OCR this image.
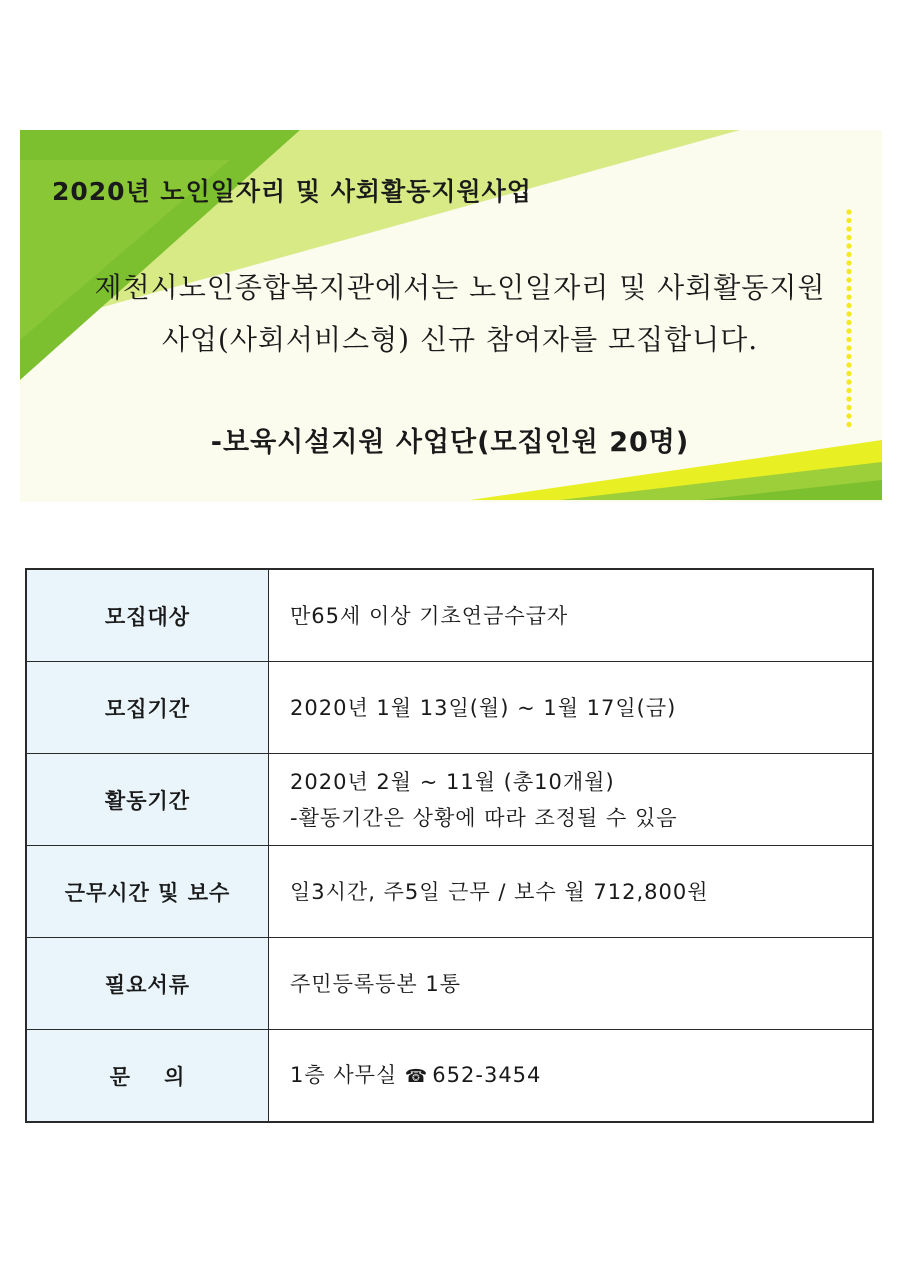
2020년 노인일자리 및 사회활동지원사업
제천시노인종합복지관에서는 노인일자리 및 사회활동지원
사업(사회서비스형) 신규 참여자를 모집합니다.
-보육시설지원 사업단(모집인원 20명)
모집대상	만65세 이상 기초연금수급자
모집기간	2020년 1월 13일(월) ~ 1월 17일(금)
활동기간	2020년 2월 ~ 11월 (총10개월)
-활동기간은 상황에 따라 조정될 수 있음

근무시간 및 보수	일3시간, 주5일 근무 / 보수 월 712,800원
필요서류	주민등록등본 1통
문    의	1층 사무실 ☎ 652-3454
